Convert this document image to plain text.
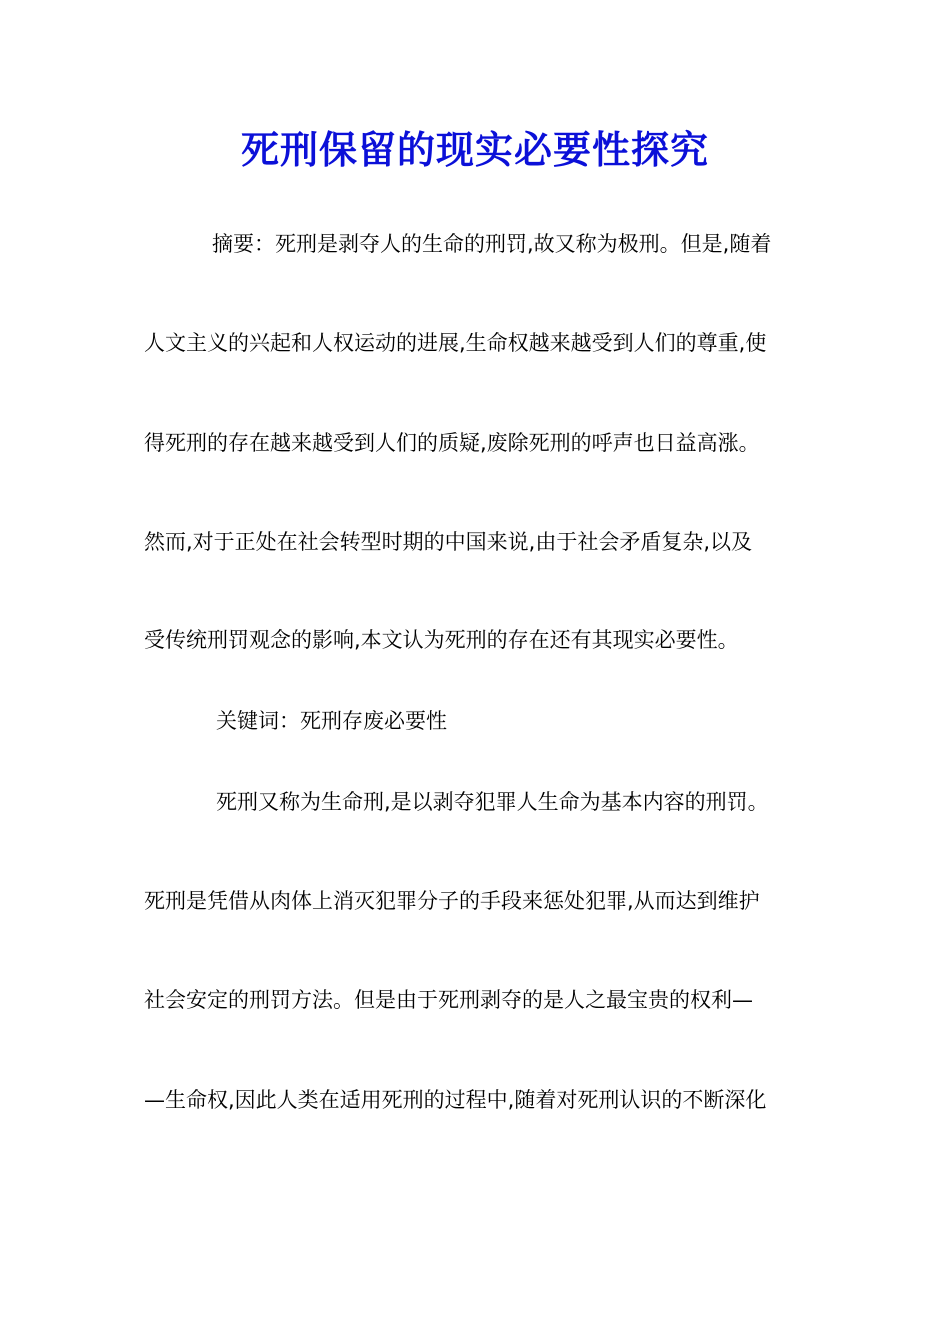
死刑保留的现实必要性探究

摘要：死刑是剥夺人的生命的刑罚,故又称为极刑。但是,随着

人文主义的兴起和人权运动的进展,生命权越来越受到人们的尊重,使

得死刑的存在越来越受到人们的质疑,废除死刑的呼声也日益高涨。

然而,对于正处在社会转型时期的中国来说,由于社会矛盾复杂,以及

受传统刑罚观念的影响,本文认为死刑的存在还有其现实必要性。

关键词：死刑存废必要性

死刑又称为生命刑,是以剥夺犯罪人生命为基本内容的刑罚。

死刑是凭借从肉体上消灭犯罪分子的手段来惩处犯罪,从而达到维护

社会安定的刑罚方法。但是由于死刑剥夺的是人之最宝贵的权利—

—生命权,因此人类在适用死刑的过程中,随着对死刑认识的不断深化
